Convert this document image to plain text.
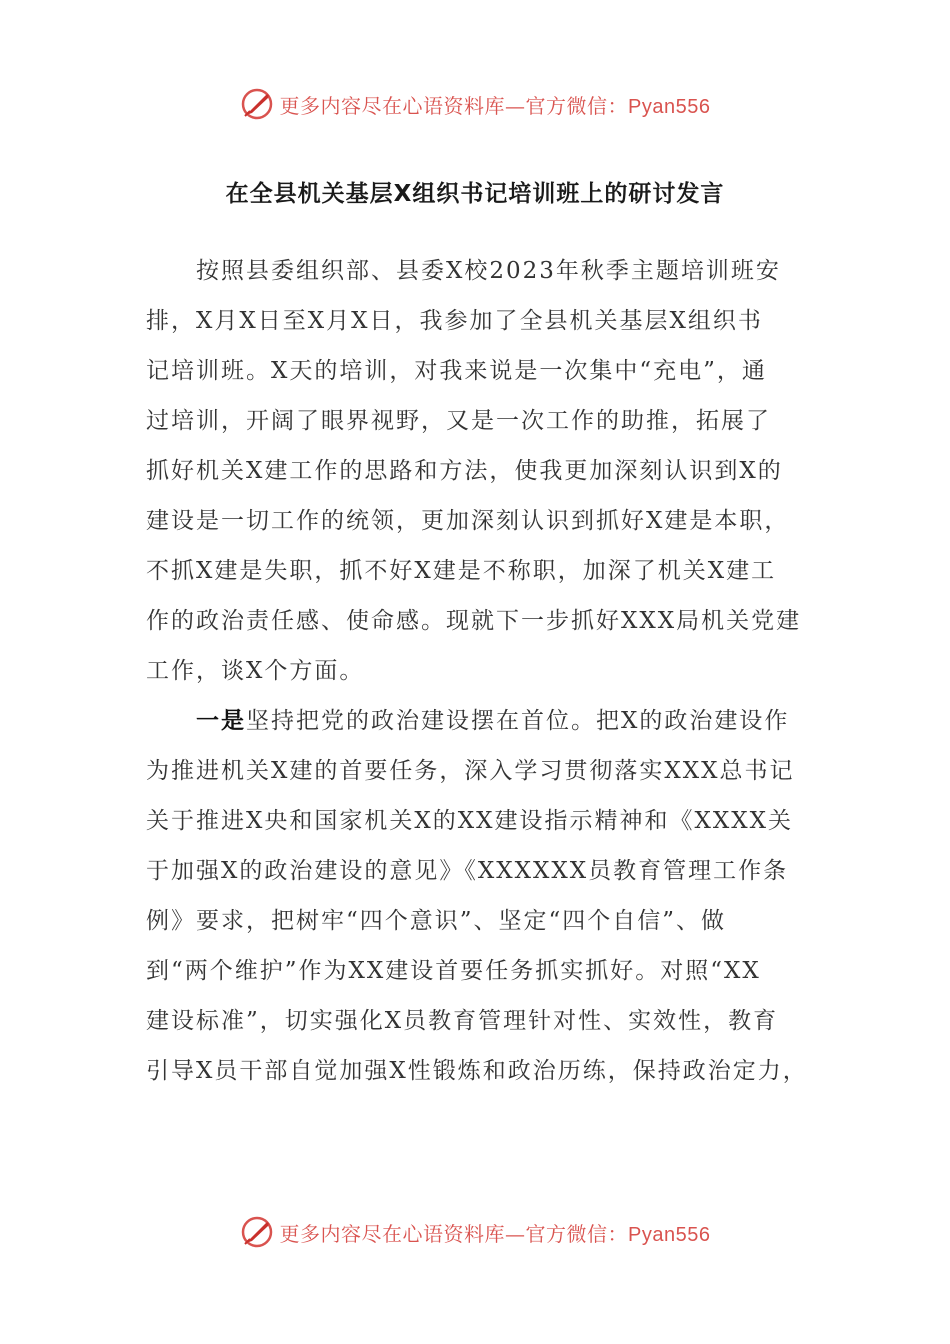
更多内容尽在心语资料库—官方微信：Pyan556
在全县机关基层X组织书记培训班上的研讨发言
按照县委组织部、县委X校2023年秋季主题培训班安
排，X月X日至X月X日，我参加了全县机关基层X组织书
记培训班。X天的培训，对我来说是一次集中“充电”，通
过培训，开阔了眼界视野，又是一次工作的助推，拓展了
抓好机关X建工作的思路和方法，使我更加深刻认识到X的
建设是一切工作的统领，更加深刻认识到抓好X建是本职，
不抓X建是失职，抓不好X建是不称职，加深了机关X建工
作的政治责任感、使命感。现就下一步抓好XXX局机关党建
工作，谈X个方面。
一是坚持把党的政治建设摆在首位。把X的政治建设作
为推进机关X建的首要任务，深入学习贯彻落实XXX总书记
关于推进X央和国家机关X的XX建设指示精神和《XXXX关
于加强X的政治建设的意见》《XXXXXX员教育管理工作条
例》要求，把树牢“四个意识”、坚定“四个自信”、做
到“两个维护”作为XX建设首要任务抓实抓好。对照“XX
建设标准”，切实强化X员教育管理针对性、实效性，教育
引导X员干部自觉加强X性锻炼和政治历练，保持政治定力，
更多内容尽在心语资料库—官方微信：Pyan556
